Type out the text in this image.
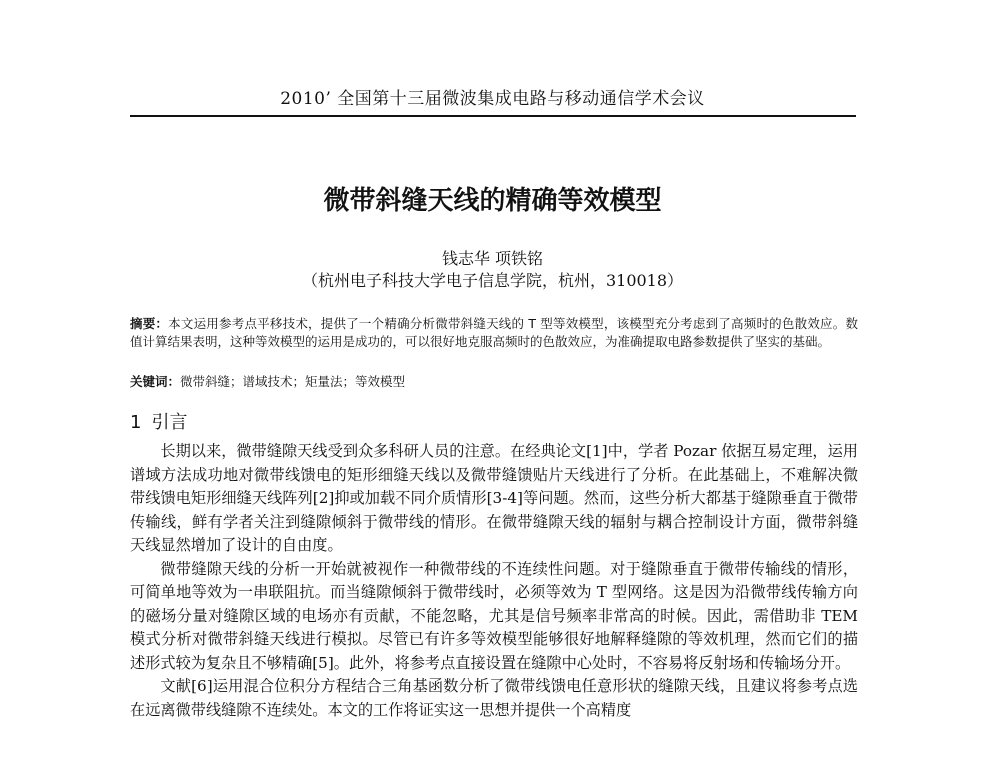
2010’ 全国第十三届微波集成电路与移动通信学术会议
微带斜缝天线的精确等效模型
钱志华 项铁铭
（杭州电子科技大学电子信息学院，杭州，310018）
摘要：本文运用参考点平移技术，提供了一个精确分析微带斜缝天线的 T 型等效模型，该模型充分考虑到了高频时的色散效应。数值计算结果表明，这种等效模型的运用是成功的，可以很好地克服高频时的色散效应，为准确提取电路参数提供了坚实的基础。
关键词：微带斜缝；谱域技术；矩量法；等效模型
1 引言

长期以来，微带缝隙天线受到众多科研人员的注意。在经典论文[1]中，学者 Pozar 依据互易定理，运用谱域方法成功地对微带线馈电的矩形细缝天线以及微带缝馈贴片天线进行了分析。在此基础上，不难解决微带线馈电矩形细缝天线阵列[2]抑或加载不同介质情形[3-4]等问题。然而，这些分析大都基于缝隙垂直于微带传输线，鲜有学者关注到缝隙倾斜于微带线的情形。在微带缝隙天线的辐射与耦合控制设计方面，微带斜缝天线显然增加了设计的自由度。

微带缝隙天线的分析一开始就被视作一种微带线的不连续性问题。对于缝隙垂直于微带传输线的情形，可简单地等效为一串联阻抗。而当缝隙倾斜于微带线时，必须等效为 T 型网络。这是因为沿微带线传输方向的磁场分量对缝隙区域的电场亦有贡献，不能忽略，尤其是信号频率非常高的时候。因此，需借助非 TEM 模式分析对微带斜缝天线进行模拟。尽管已有许多等效模型能够很好地解释缝隙的等效机理，然而它们的描述形式较为复杂且不够精确[5]。此外，将参考点直接设置在缝隙中心处时，不容易将反射场和传输场分开。

文献[6]运用混合位积分方程结合三角基函数分析了微带线馈电任意形状的缝隙天线，且建议将参考点选在远离微带线缝隙不连续处。本文的工作将证实这一思想并提供一个高精度
